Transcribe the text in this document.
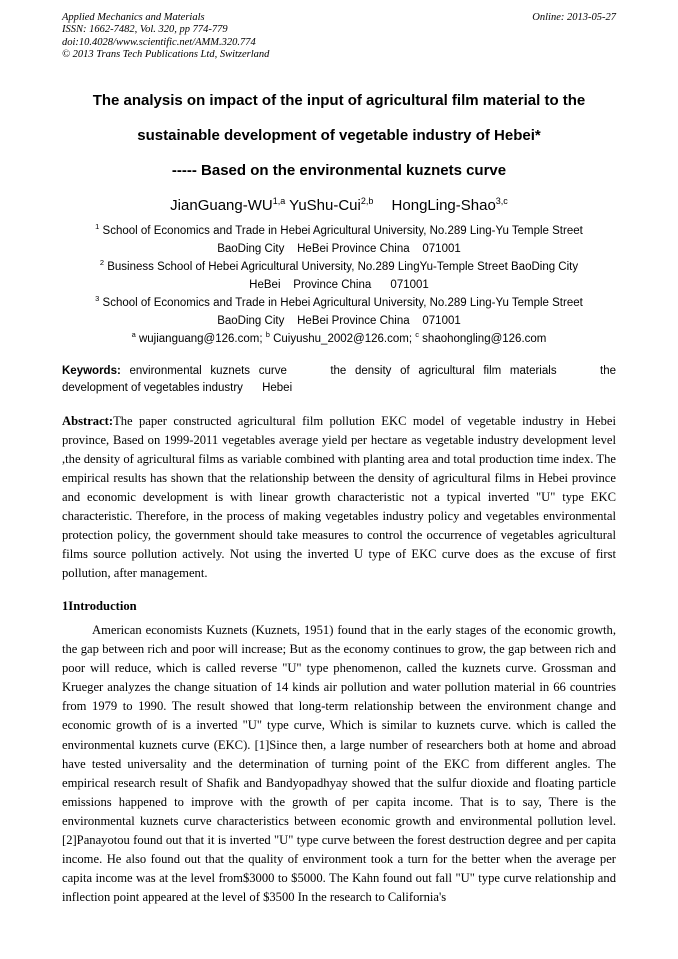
Applied Mechanics and Materials
ISSN: 1662-7482, Vol. 320, pp 774-779
doi:10.4028/www.scientific.net/AMM.320.774
© 2013 Trans Tech Publications Ltd, Switzerland
Online: 2013-05-27
The analysis on impact of the input of agricultural film material to the
sustainable development of vegetable industry of Hebei*
----- Based on the environmental kuznets curve
JianGuang-WU$^{1,a}$ YuShu-Cui$^{2,b}$ HongLing-Shao$^{3,c}$
$^1$ School of Economics and Trade in Hebei Agricultural University, No.289 Ling-Yu Temple Street
BaoDing City    HeBei Province China    071001
$^2$ Business School of Hebei Agricultural University, No.289 LingYu-Temple Street BaoDing City
HeBei    Province China      071001
$^3$ School of Economics and Trade in Hebei Agricultural University, No.289 Ling-Yu Temple Street
BaoDing City    HeBei Province China    071001
$^a$ wujianguang@126.com; $^b$ Cuiyushu_2002@126.com; $^c$ shaohongling@126.com
Keywords: environmental kuznets curve     the density of agricultural film materials     the
development of vegetables industry      Hebei
Abstract:The paper constructed agricultural film pollution EKC model of vegetable industry in Hebei province, Based on 1999-2011 vegetables average yield per hectare as vegetable industry development level ,the density of agricultural films as variable combined with planting area and total production time index. The empirical results has shown that the relationship between the density of agricultural films in Hebei province and economic development is with linear growth characteristic not a typical inverted "U" type EKC characteristic. Therefore, in the process of making vegetables industry policy and vegetables environmental protection policy, the government should take measures to control the occurrence of vegetables agricultural films source pollution actively. Not using the inverted U type of EKC curve does as the excuse of first pollution, after management.
1Introduction
American economists Kuznets (Kuznets, 1951) found that in the early stages of the economic growth, the gap between rich and poor will increase; But as the economy continues to grow, the gap between rich and poor will reduce, which is called reverse "U" type phenomenon, called the kuznets curve. Grossman and Krueger analyzes the change situation of 14 kinds air pollution and water pollution material in 66 countries from 1979 to 1990. The result showed that long-term relationship between the environment change and economic growth of is a inverted "U" type curve, Which is similar to kuznets curve. which is called the environmental kuznets curve (EKC). [1]Since then, a large number of researchers both at home and abroad have tested universality and the determination of turning point of the EKC from different angles. The empirical research result of Shafik and Bandyopadhyay showed that the sulfur dioxide and floating particle emissions happened to improve with the growth of per capita income. That is to say, There is the environmental kuznets curve characteristics between economic growth and environmental pollution level. [2]Panayotou found out that it is inverted "U" type curve between the forest destruction degree and per capita income. He also found out that the quality of environment took a turn for the better when the average per capita income was at the level from$3000 to $5000. The Kahn found out fall "U" type curve relationship and inflection point appeared at the level of $3500 In the research to California's
